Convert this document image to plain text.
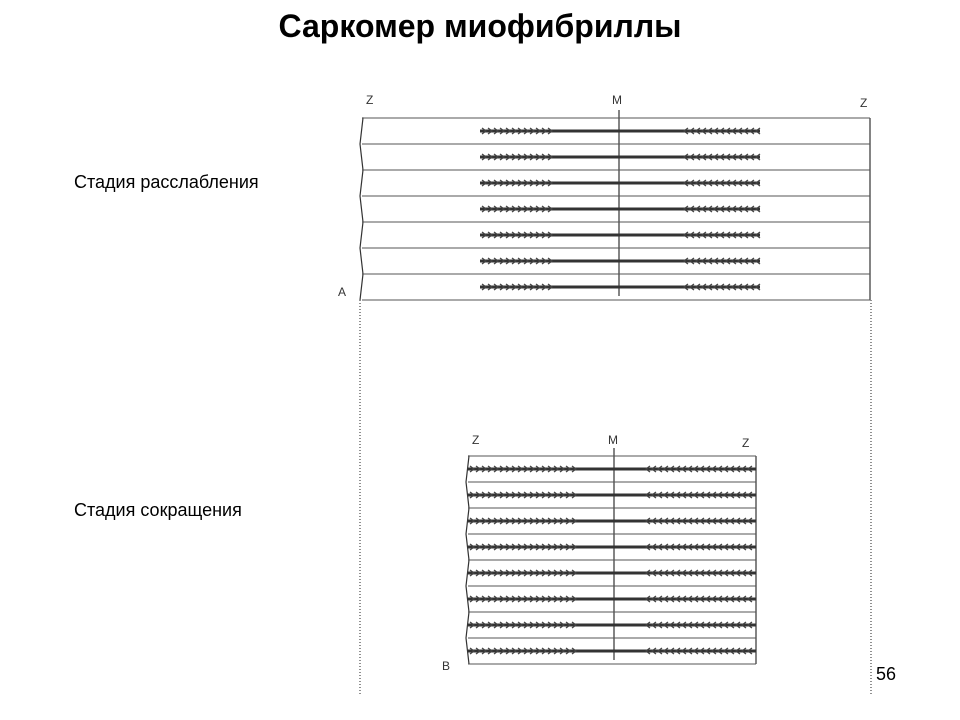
Саркомер миофибриллы
Стадия расслабления
Стадия сокращения
56
Z	M	Z
A
Z	M	Z
B
